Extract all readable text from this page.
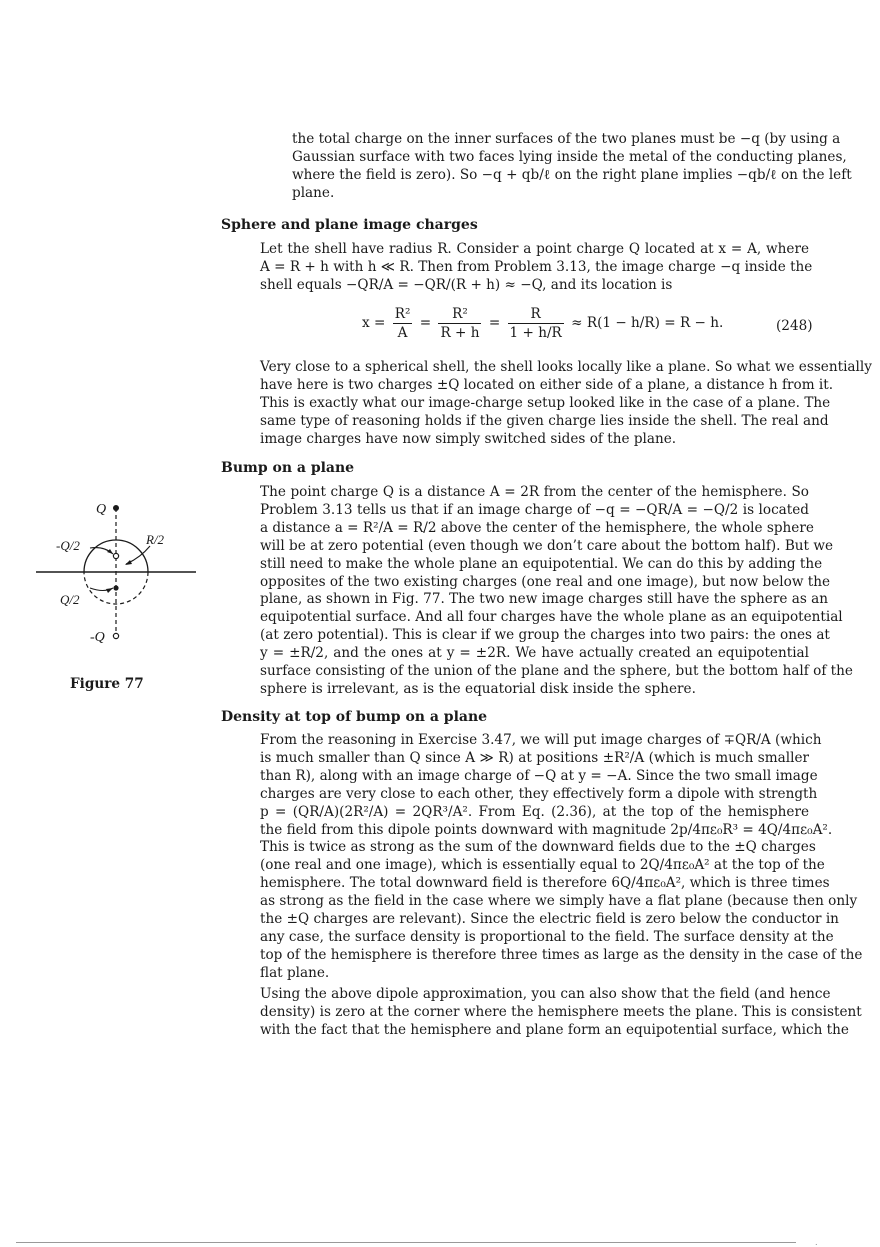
the total charge on the inner surfaces of the two planes must be −q (by using a
Gaussian surface with two faces lying inside the metal of the conducting planes,
where the field is zero). So −q + qb/ℓ on the right plane implies −qb/ℓ on the left
plane.
Sphere and plane image charges
Let the shell have radius R. Consider a point charge Q located at x = A, where
A = R + h with h ≪ R. Then from Problem 3.13, the image charge −q inside the
shell equals −QR/A = −QR/(R + h) ≈ −Q, and its location is
$x = \frac{\text{R²}}{A} = \frac{\text{R²}}{R + h} = \frac{R}{1 + h/R} \approx R(1 - h/R) = R - h$.	(248)
Very close to a spherical shell, the shell looks locally like a plane. So what we essentially
have here is two charges ±Q located on either side of a plane, a distance h from it.
This is exactly what our image-charge setup looked like in the case of a plane. The
same type of reasoning holds if the given charge lies inside the shell. The real and
image charges have now simply switched sides of the plane.
Bump on a plane
The point charge Q is a distance A = 2R from the center of the hemisphere. So
Problem 3.13 tells us that if an image charge of −q = −QR/A = −Q/2 is located
a distance a = R²/A = R/2 above the center of the hemisphere, the whole sphere
will be at zero potential (even though we don’t care about the bottom half). But we
still need to make the whole plane an equipotential. We can do this by adding the
opposites of the two existing charges (one real and one image), but now below the
plane, as shown in Fig. 77. The two new image charges still have the sphere as an
equipotential surface. And all four charges have the whole plane as an equipotential
(at zero potential). This is clear if we group the charges into two pairs: the ones at
y = ±R/2, and the ones at y = ±2R. We have actually created an equipotential
surface consisting of the union of the plane and the sphere, but the bottom half of the
sphere is irrelevant, as is the equatorial disk inside the sphere.
Q
-Q/2	R/2
Q/2
-Q
Figure 77
Density at top of bump on a plane
From the reasoning in Exercise 3.47, we will put image charges of ∓QR/A (which
is much smaller than Q since A ≫ R) at positions ±R²/A (which is much smaller
than R), along with an image charge of −Q at y = −A. Since the two small image
charges are very close to each other, they effectively form a dipole with strength
p = (QR/A)(2R²/A) = 2QR³/A². From Eq. (2.36), at the top of the hemisphere
the field from this dipole points downward with magnitude 2p/4πε₀R³ = 4Q/4πε₀A².
This is twice as strong as the sum of the downward fields due to the ±Q charges
(one real and one image), which is essentially equal to 2Q/4πε₀A² at the top of the
hemisphere. The total downward field is therefore 6Q/4πε₀A², which is three times
as strong as the field in the case where we simply have a flat plane (because then only
the ±Q charges are relevant). Since the electric field is zero below the conductor in
any case, the surface density is proportional to the field. The surface density at the
top of the hemisphere is therefore three times as large as the density in the case of the
flat plane.
Using the above dipole approximation, you can also show that the field (and hence
density) is zero at the corner where the hemisphere meets the plane. This is consistent
with the fact that the hemisphere and plane form an equipotential surface, which the
.
